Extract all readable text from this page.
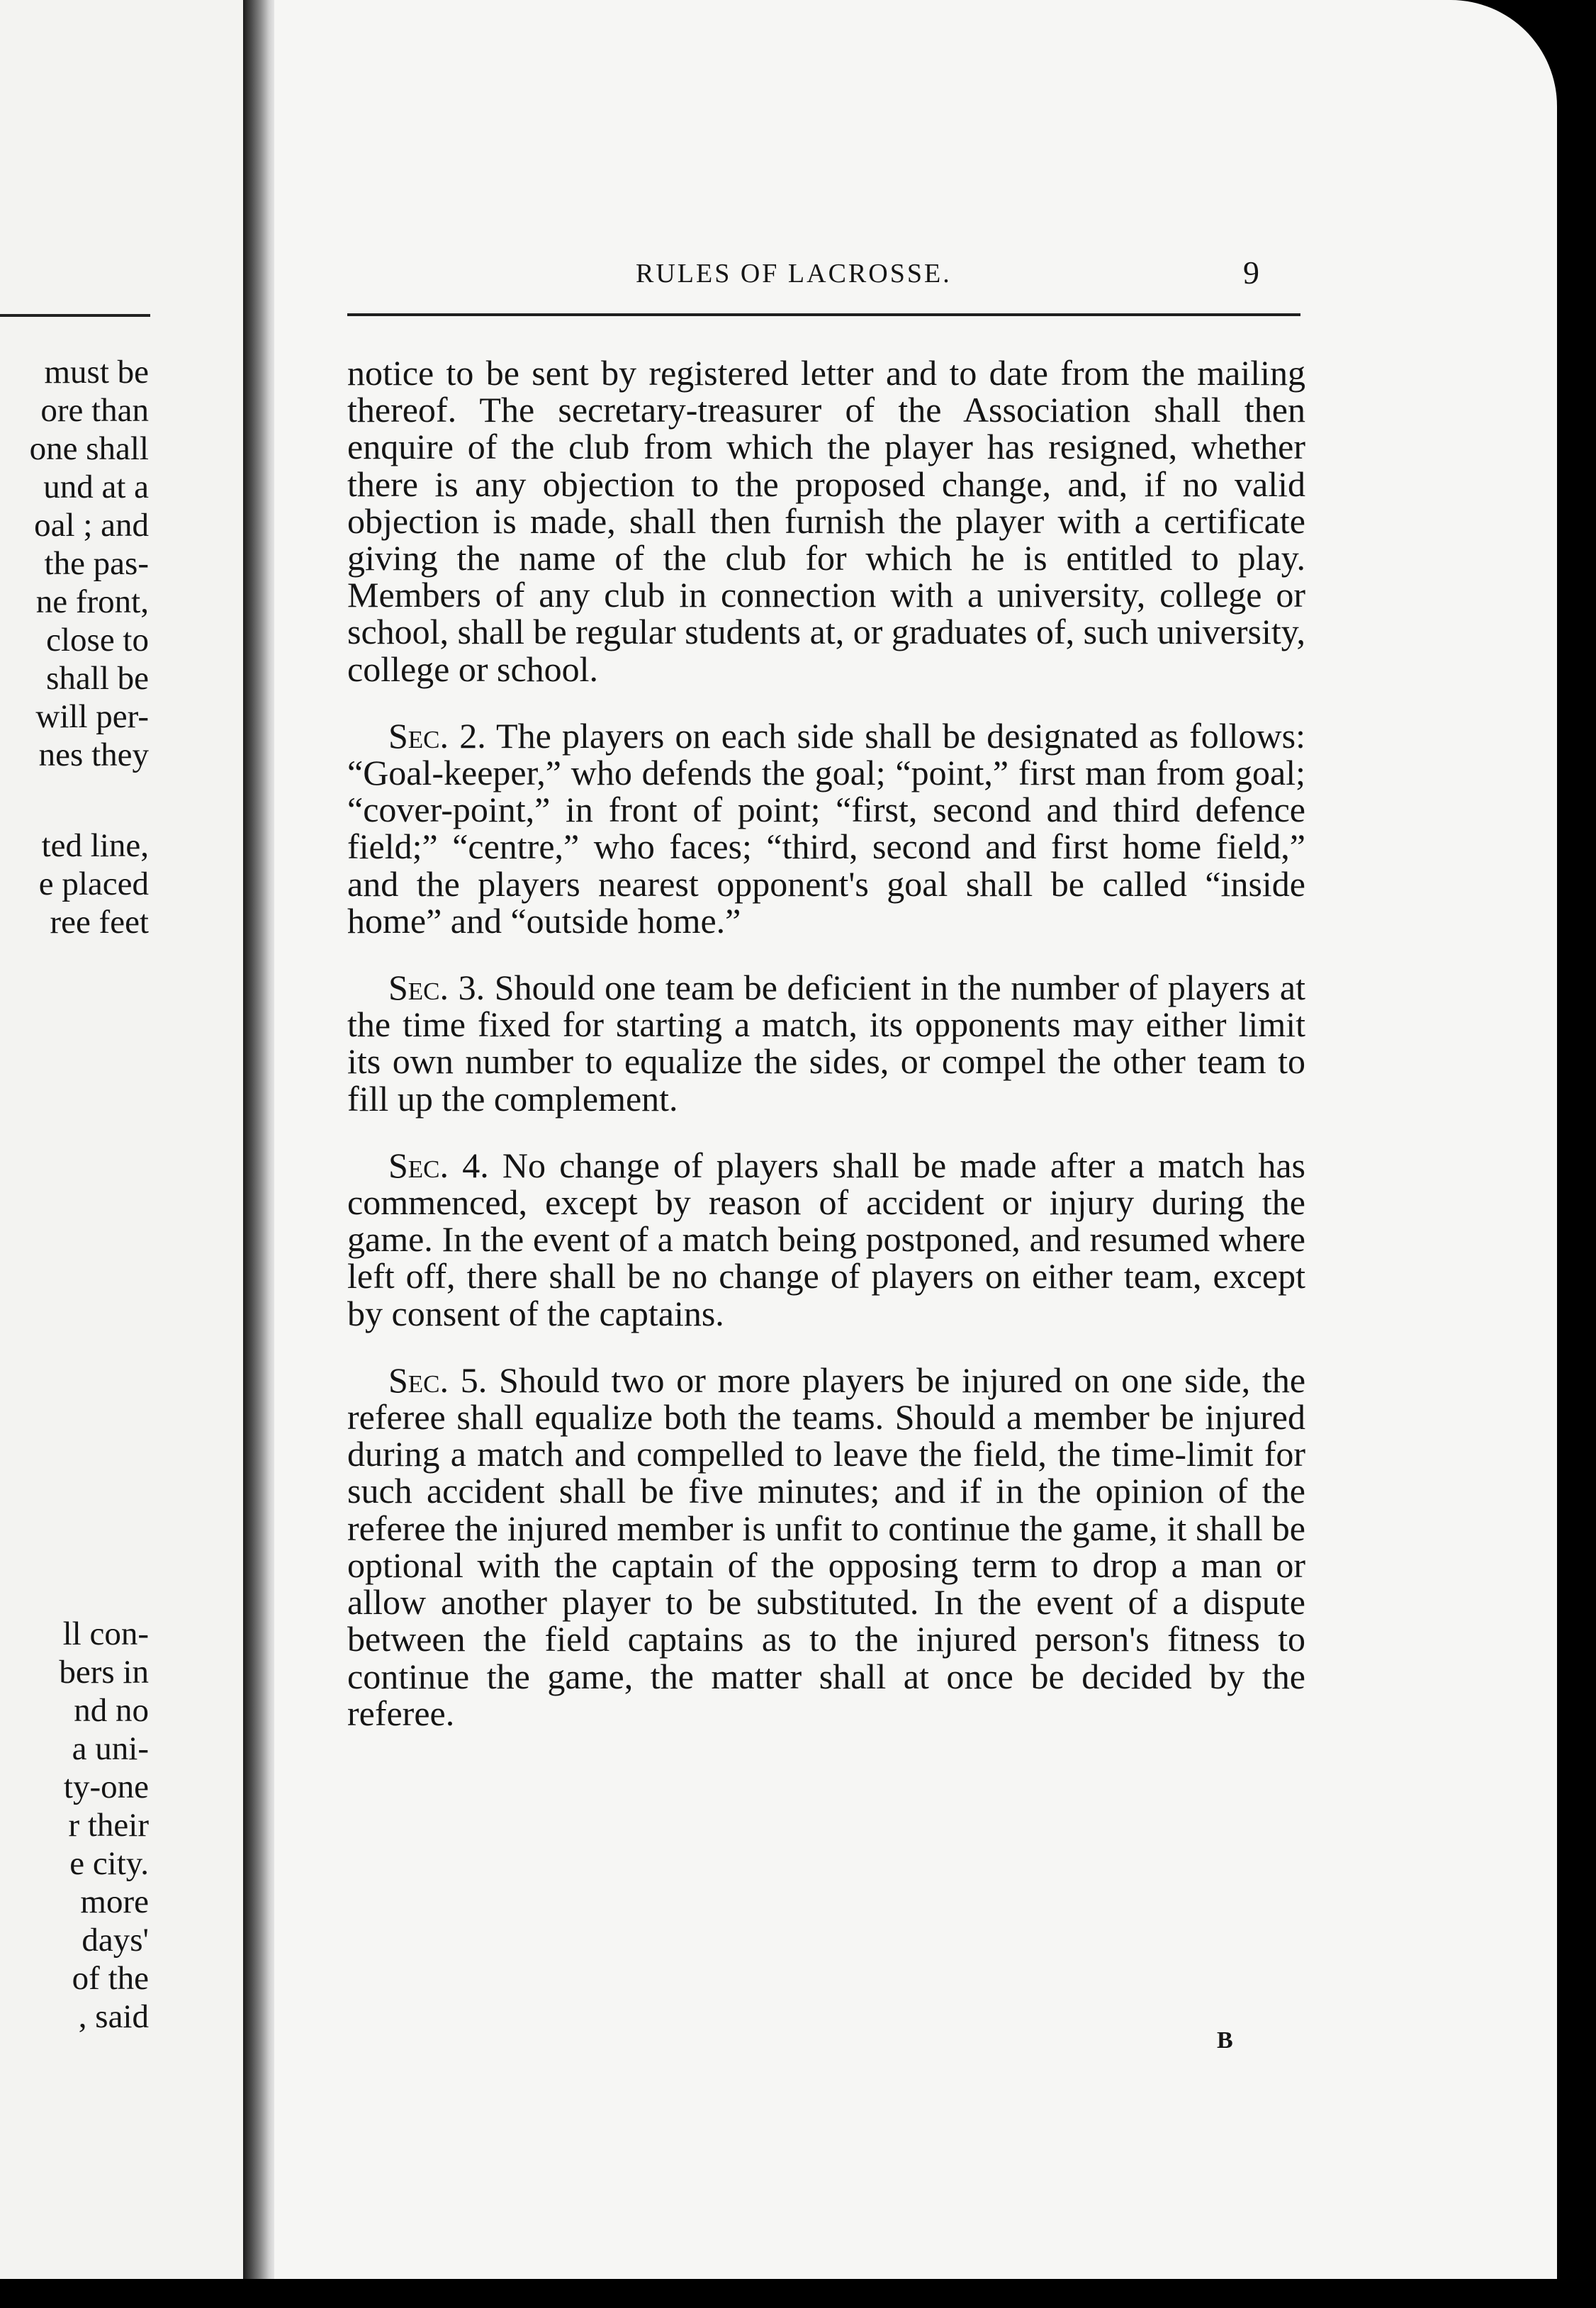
must be
ore than
one shall
und at a
oal ; and
the pas-
ne front,
close to
shall be
will per-
nes they
ted line,
e placed
ree feet
ll con-
bers in
nd no
a uni-
ty-one
r their
e city.
more
days'
of the
, said
RULES OF LACROSSE.	9

notice to be sent by registered letter and to date from the mailing thereof. The secretary-treasurer of the Association shall then enquire of the club from which the player has resigned, whether there is any objection to the proposed change, and, if no valid objection is made, shall then furnish the player with a certificate giving the name of the club for which he is entitled to play. Members of any club in connection with a university, college or school, shall be regular students at, or graduates of, such university, college or school.

Sec. 2. The players on each side shall be designated as follows: “Goal-keeper,” who defends the goal; “point,” first man from goal; “cover-point,” in front of point; “first, second and third defence field;” “centre,” who faces; “third, second and first home field,” and the players nearest opponent's goal shall be called “inside home” and “outside home.”

Sec. 3. Should one team be deficient in the number of players at the time fixed for starting a match, its opponents may either limit its own number to equalize the sides, or compel the other team to fill up the complement.

Sec. 4. No change of players shall be made after a match has commenced, except by reason of accident or injury during the game. In the event of a match being postponed, and resumed where left off, there shall be no change of players on either team, except by consent of the captains.

Sec. 5. Should two or more players be injured on one side, the referee shall equalize both the teams. Should a member be injured during a match and compelled to leave the field, the time-limit for such accident shall be five minutes; and if in the opinion of the referee the injured member is unfit to continue the game, it shall be optional with the captain of the opposing term to drop a man or allow another player to be substituted. In the event of a dispute between the field captains as to the injured person's fitness to continue the game, the matter shall at once be decided by the referee.

B
